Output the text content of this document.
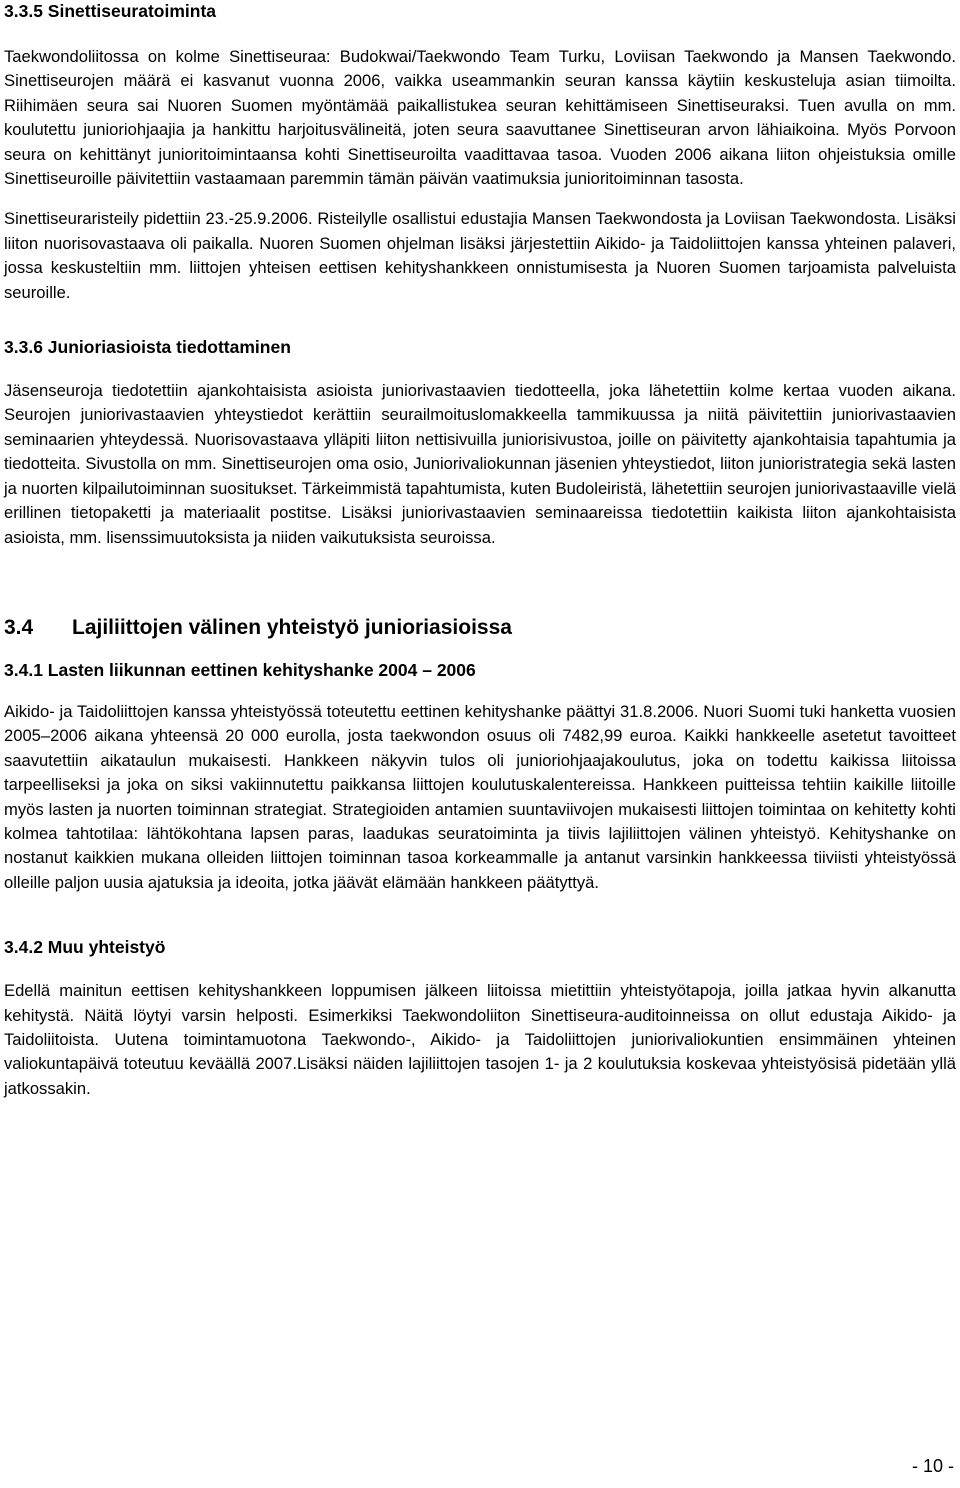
3.3.5 Sinettiseuratoiminta

Taekwondoliitossa on kolme Sinettiseuraa: Budokwai/Taekwondo Team Turku, Loviisan Taekwondo ja Mansen Taekwondo. Sinettiseurojen määrä ei kasvanut vuonna 2006, vaikka useammankin seuran kanssa käytiin keskusteluja asian tiimoilta. Riihimäen seura sai Nuoren Suomen myöntämää paikallistukea seuran kehittämiseen Sinettiseuraksi. Tuen avulla on mm. koulutettu junioriohjaajia ja hankittu harjoitusvälineitä, joten seura saavuttanee Sinettiseuran arvon lähiaikoina. Myös Porvoon seura on kehittänyt junioritoimintaansa kohti Sinettiseuroilta vaadittavaa tasoa. Vuoden 2006 aikana liiton ohjeistuksia omille Sinettiseuroille päivitettiin vastaamaan paremmin tämän päivän vaatimuksia junioritoiminnan tasosta.

Sinettiseuraristeily pidettiin 23.-25.9.2006. Risteilylle osallistui edustajia Mansen Taekwondosta ja Loviisan Taekwondosta. Lisäksi liiton nuorisovastaava oli paikalla. Nuoren Suomen ohjelman lisäksi järjestettiin Aikido- ja Taidoliittojen kanssa yhteinen palaveri, jossa keskusteltiin mm. liittojen yhteisen eettisen kehityshankkeen onnistumisesta ja Nuoren Suomen tarjoamista palveluista seuroille.

3.3.6 Junioriasioista tiedottaminen

Jäsenseuroja tiedotettiin ajankohtaisista asioista juniorivastaavien tiedotteella, joka lähetettiin kolme kertaa vuoden aikana. Seurojen juniorivastaavien yhteystiedot kerättiin seurailmoituslomakkeella tammikuussa ja niitä päivitettiin juniorivastaavien seminaarien yhteydessä. Nuorisovastaava ylläpiti liiton nettisivuilla juniorisivustoa, joille on päivitetty ajankohtaisia tapahtumia ja tiedotteita. Sivustolla on mm. Sinettiseurojen oma osio, Juniorivaliokunnan jäsenien yhteystiedot, liiton junioristrategia sekä lasten ja nuorten kilpailutoiminnan suositukset. Tärkeimmistä tapahtumista, kuten Budoleiristä, lähetettiin seurojen juniorivastaaville vielä erillinen tietopaketti ja materiaalit postitse. Lisäksi juniorivastaavien seminaareissa tiedotettiin kaikista liiton ajankohtaisista asioista, mm. lisenssimuutoksista ja niiden vaikutuksista seuroissa.

3.4 Lajiliittojen välinen yhteistyö junioriasioissa
3.4.1 Lasten liikunnan eettinen kehityshanke 2004 – 2006

Aikido- ja Taidoliittojen kanssa yhteistyössä toteutettu eettinen kehityshanke päättyi 31.8.2006. Nuori Suomi tuki hanketta vuosien 2005–2006 aikana yhteensä 20 000 eurolla, josta taekwondon osuus oli 7482,99 euroa. Kaikki hankkeelle asetetut tavoitteet saavutettiin aikataulun mukaisesti. Hankkeen näkyvin tulos oli junioriohjaajakoulutus, joka on todettu kaikissa liitoissa tarpeelliseksi ja joka on siksi vakiinnutettu paikkansa liittojen koulutuskalentereissa. Hankkeen puitteissa tehtiin kaikille liitoille myös lasten ja nuorten toiminnan strategiat. Strategioiden antamien suuntaviivojen mukaisesti liittojen toimintaa on kehitetty kohti kolmea tahtotilaa: lähtökohtana lapsen paras, laadukas seuratoiminta ja tiivis lajiliittojen välinen yhteistyö. Kehityshanke on nostanut kaikkien mukana olleiden liittojen toiminnan tasoa korkeammalle ja antanut varsinkin hankkeessa tiiviisti yhteistyössä olleille paljon uusia ajatuksia ja ideoita, jotka jäävät elämään hankkeen päätyttyä.

3.4.2 Muu yhteistyö

Edellä mainitun eettisen kehityshankkeen loppumisen jälkeen liitoissa mietittiin yhteistyötapoja, joilla jatkaa hyvin alkanutta kehitystä. Näitä löytyi varsin helposti. Esimerkiksi Taekwondoliiton Sinettiseura-auditoinneissa on ollut edustaja Aikido- ja Taidoliitoista. Uutena toimintamuotona Taekwondo-, Aikido- ja Taidoliittojen juniorivaliokuntien ensimmäinen yhteinen valiokuntapäivä toteutuu keväällä 2007.Lisäksi näiden lajiliittojen tasojen 1- ja 2 koulutuksia koskevaa yhteistyösisä pidetään yllä jatkossakin.

- 10 -
